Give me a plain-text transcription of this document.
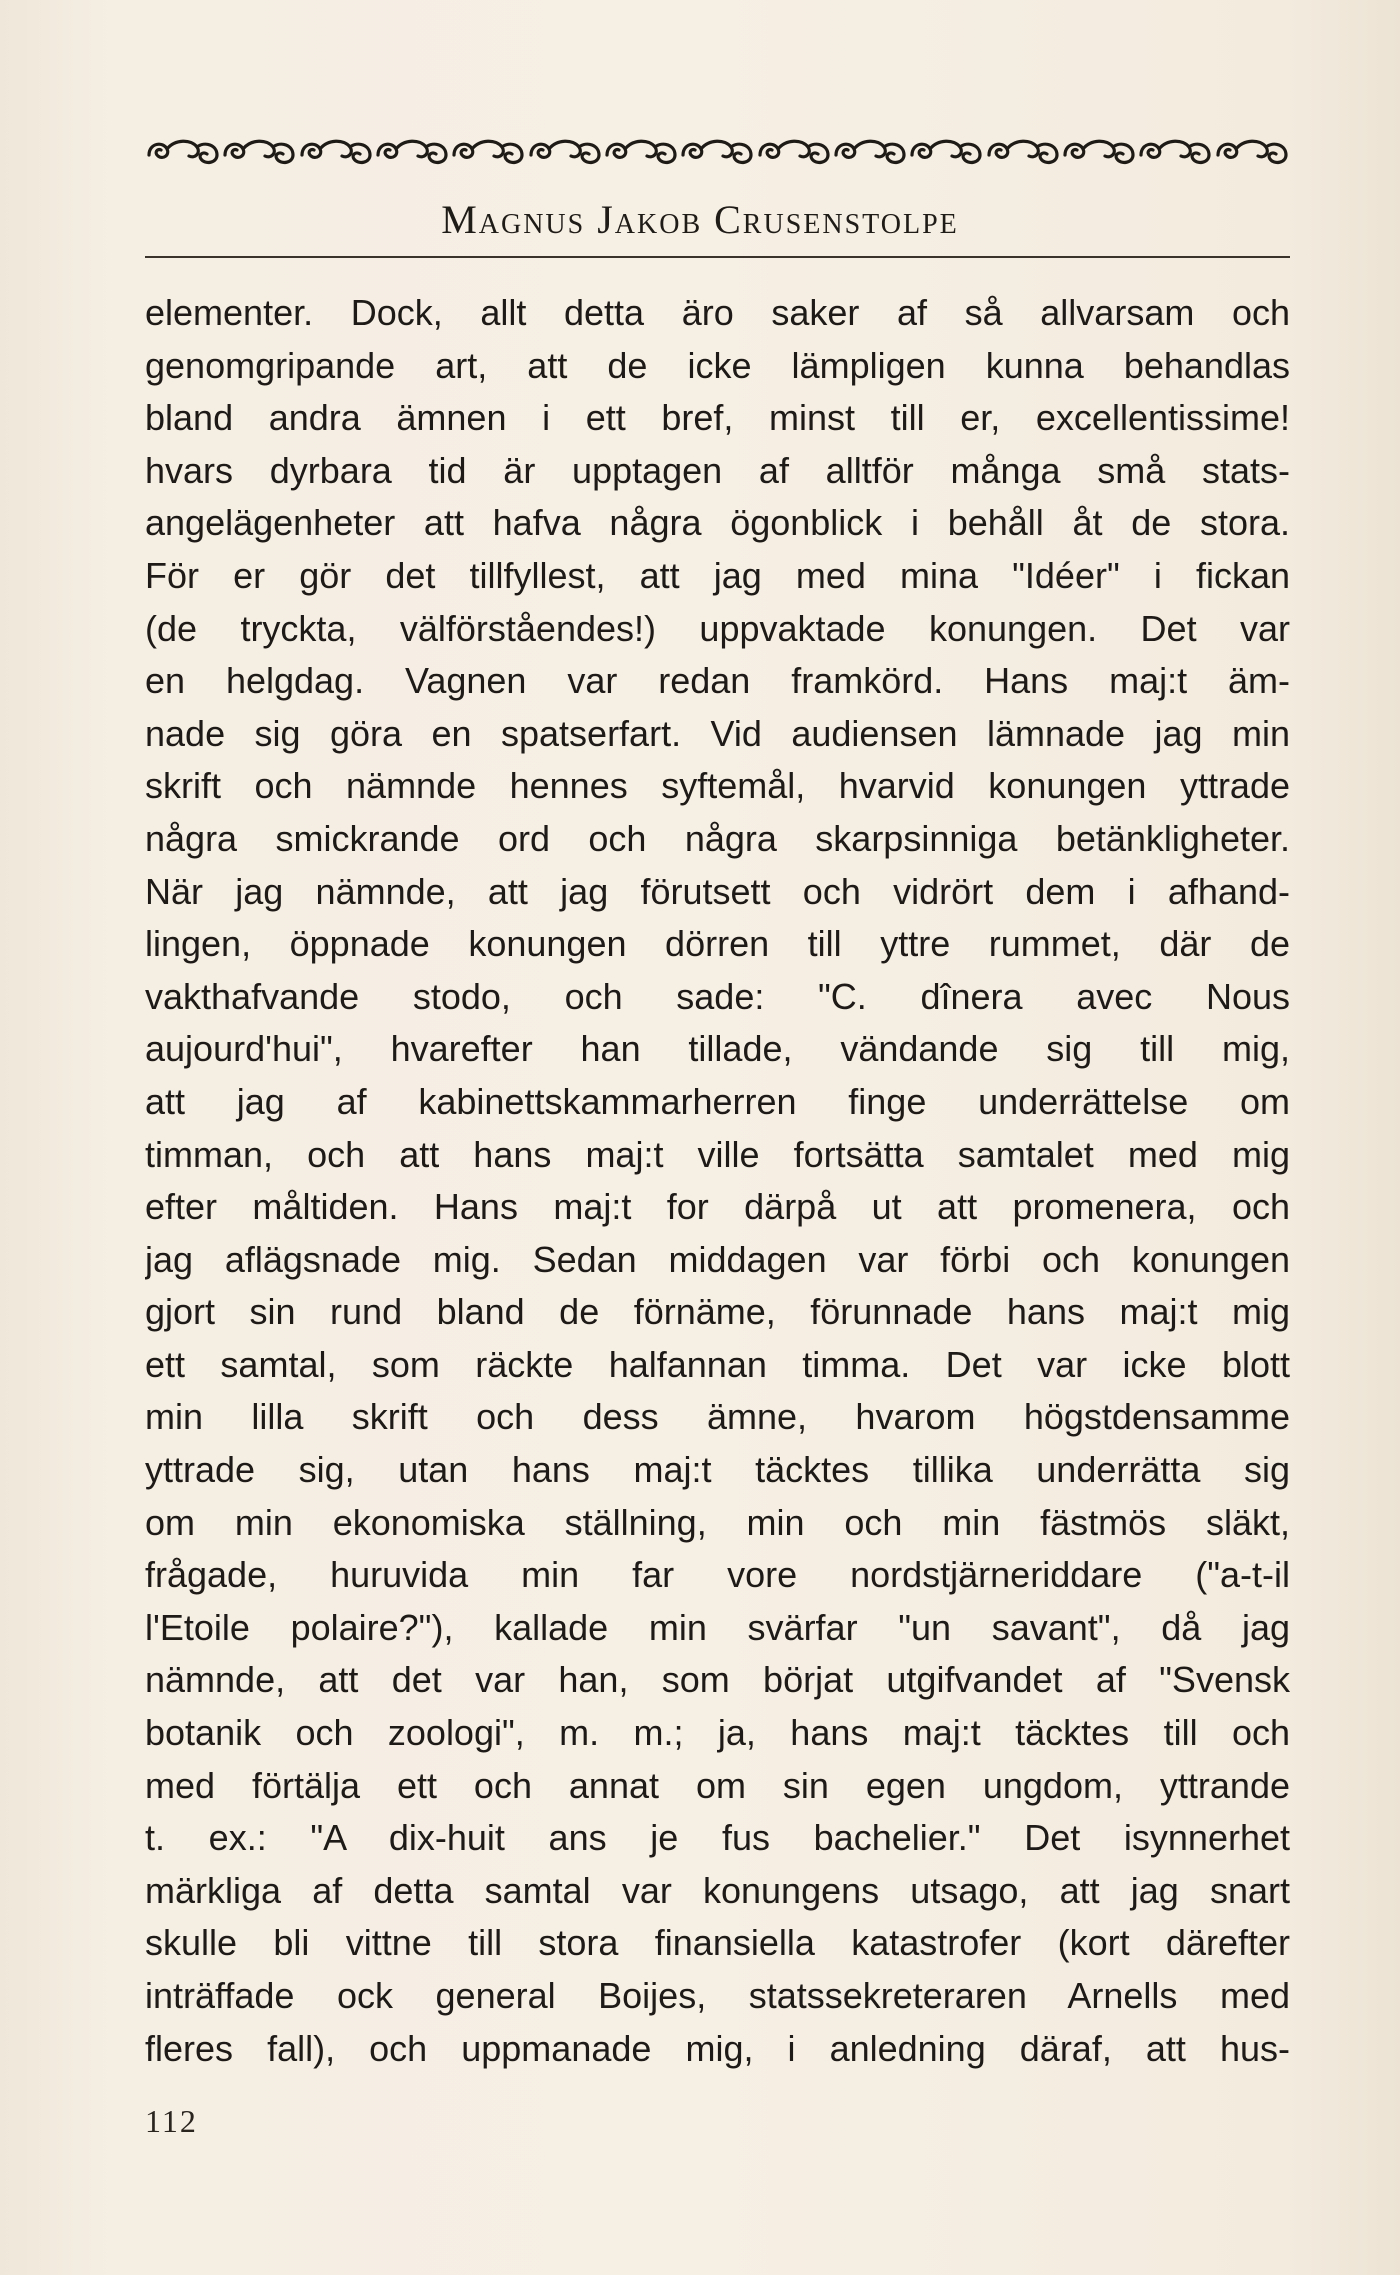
Magnus Jakob Crusenstolpe
elementer. Dock, allt detta äro saker af så allvarsam och
genomgripande art, att de icke lämpligen kunna behandlas
bland andra ämnen i ett bref, minst till er, excellentissime!
hvars dyrbara tid är upptagen af alltför många små stats-
angelägenheter att hafva några ögonblick i behåll åt de stora.
För er gör det tillfyllest, att jag med mina "Idéer" i fickan
(de tryckta, välförståendes!) uppvaktade konungen. Det var
en helgdag. Vagnen var redan framkörd. Hans maj:t äm-
nade sig göra en spatserfart. Vid audiensen lämnade jag min
skrift och nämnde hennes syftemål, hvarvid konungen yttrade
några smickrande ord och några skarpsinniga betänkligheter.
När jag nämnde, att jag förutsett och vidrört dem i afhand-
lingen, öppnade konungen dörren till yttre rummet, där de
vakthafvande stodo, och sade: "C. dînera avec Nous
aujourd'hui", hvarefter han tillade, vändande sig till mig,
att jag af kabinettskammarherren finge underrättelse om
timman, och att hans maj:t ville fortsätta samtalet med mig
efter måltiden. Hans maj:t for därpå ut att promenera, och
jag aflägsnade mig. Sedan middagen var förbi och konungen
gjort sin rund bland de förnäme, förunnade hans maj:t mig
ett samtal, som räckte halfannan timma. Det var icke blott
min lilla skrift och dess ämne, hvarom högstdensamme
yttrade sig, utan hans maj:t täcktes tillika underrätta sig
om min ekonomiska ställning, min och min fästmös släkt,
frågade, huruvida min far vore nordstjärneriddare ("a-t-il
l'Etoile polaire?"), kallade min svärfar "un savant", då jag
nämnde, att det var han, som börjat utgifvandet af "Svensk
botanik och zoologi", m. m.; ja, hans maj:t täcktes till och
med förtälja ett och annat om sin egen ungdom, yttrande
t. ex.: "A dix-huit ans je fus bachelier." Det isynnerhet
märkliga af detta samtal var konungens utsago, att jag snart
skulle bli vittne till stora finansiella katastrofer (kort därefter
inträffade ock general Boijes, statssekreteraren Arnells med
fleres fall), och uppmanade mig, i anledning däraf, att hus-
112
